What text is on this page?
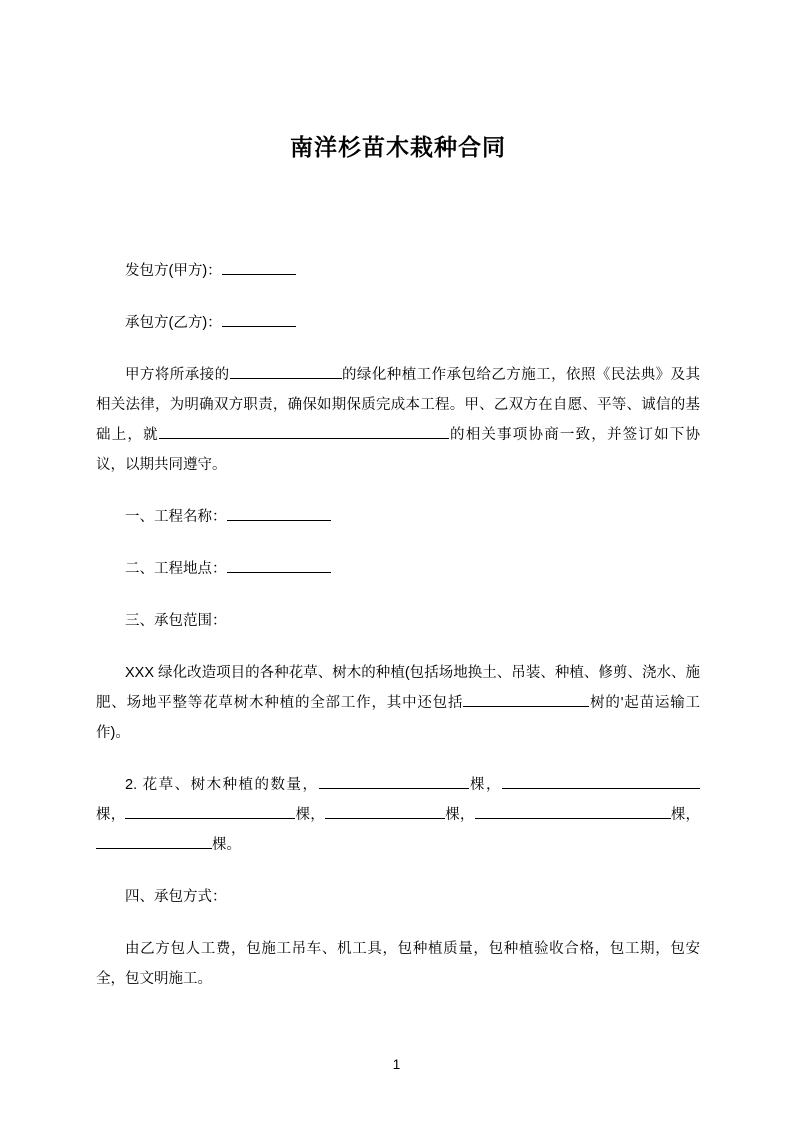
南洋杉苗木栽种合同

发包方(甲方)：

承包方(乙方)：

甲方将所承接的	的绿化种植工作承包给乙方施工，依照《民法典》及其相关法律，为明确双方职责，确保如期保质完成本工程。甲、乙双方在自愿、平等、诚信的基础上，就	的相关事项协商一致，并签订如下协议，以期共同遵守。

一、工程名称：

二、工程地点：

三、承包范围：

XXX 绿化改造项目的各种花草、树木的种植(包括场地换土、吊装、种植、修剪、浇水、施肥、场地平整等花草树木种植的全部工作，其中还包括	树的'起苗运输工作)。

2. 花草、树木种植的数量，	棵，棵，	棵，	棵，	棵，棵。

四、承包方式：

由乙方包人工费，包施工吊车、机工具，包种植质量，包种植验收合格，包工期，包安全，包文明施工。

1
